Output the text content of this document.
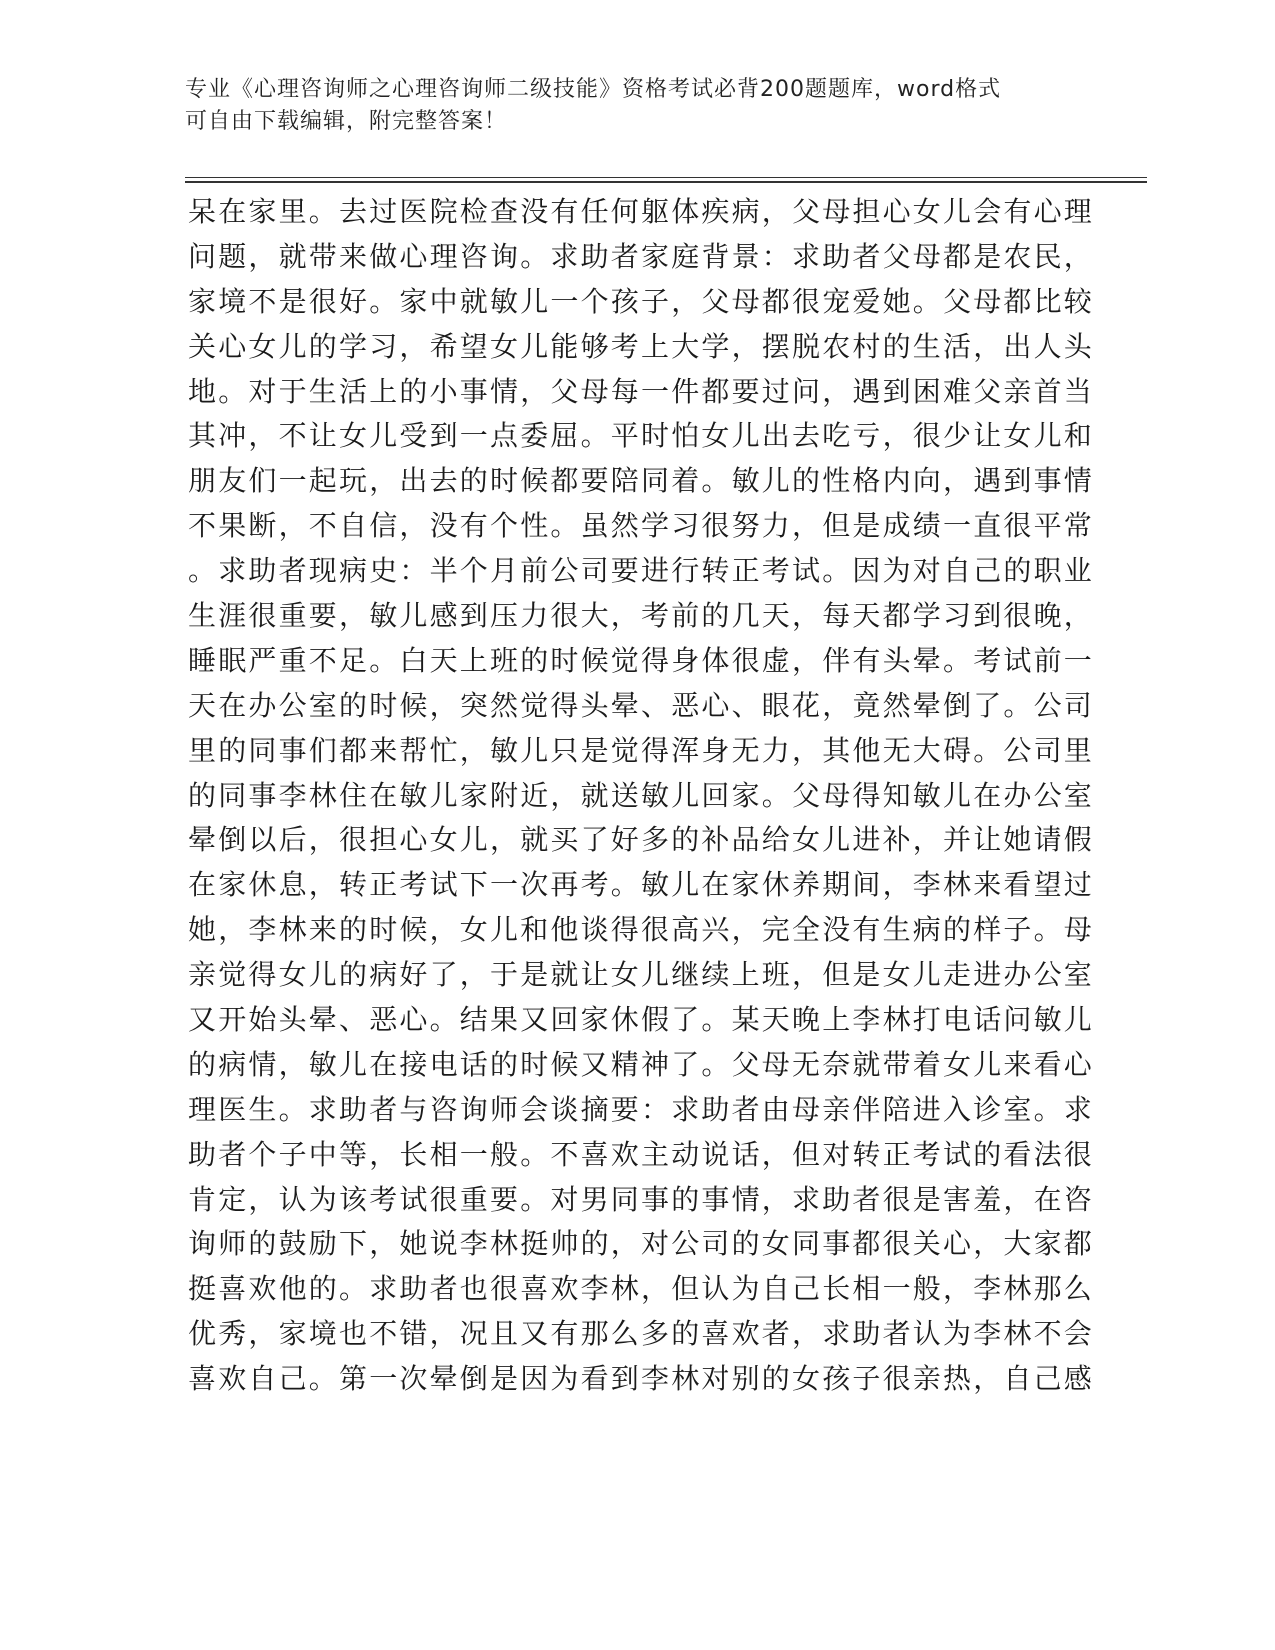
专业《心理咨询师之心理咨询师二级技能》资格考试必背200题题库，word格式
可自由下载编辑，附完整答案！
呆在家里。去过医院检查没有任何躯体疾病，父母担心女儿会有心理
问题，就带来做心理咨询。求助者家庭背景：求助者父母都是农民，
家境不是很好。家中就敏儿一个孩子，父母都很宠爱她。父母都比较
关心女儿的学习，希望女儿能够考上大学，摆脱农村的生活，出人头
地。对于生活上的小事情，父母每一件都要过问，遇到困难父亲首当
其冲，不让女儿受到一点委屈。平时怕女儿出去吃亏，很少让女儿和
朋友们一起玩，出去的时候都要陪同着。敏儿的性格内向，遇到事情
不果断，不自信，没有个性。虽然学习很努力，但是成绩一直很平常
。求助者现病史：半个月前公司要进行转正考试。因为对自己的职业
生涯很重要，敏儿感到压力很大，考前的几天，每天都学习到很晚，
睡眠严重不足。白天上班的时候觉得身体很虚，伴有头晕。考试前一
天在办公室的时候，突然觉得头晕、恶心、眼花，竟然晕倒了。公司
里的同事们都来帮忙，敏儿只是觉得浑身无力，其他无大碍。公司里
的同事李林住在敏儿家附近，就送敏儿回家。父母得知敏儿在办公室
晕倒以后，很担心女儿，就买了好多的补品给女儿进补，并让她请假
在家休息，转正考试下一次再考。敏儿在家休养期间，李林来看望过
她，李林来的时候，女儿和他谈得很高兴，完全没有生病的样子。母
亲觉得女儿的病好了，于是就让女儿继续上班，但是女儿走进办公室
又开始头晕、恶心。结果又回家休假了。某天晚上李林打电话问敏儿
的病情，敏儿在接电话的时候又精神了。父母无奈就带着女儿来看心
理医生。求助者与咨询师会谈摘要：求助者由母亲伴陪进入诊室。求
助者个子中等，长相一般。不喜欢主动说话，但对转正考试的看法很
肯定，认为该考试很重要。对男同事的事情，求助者很是害羞，在咨
询师的鼓励下，她说李林挺帅的，对公司的女同事都很关心，大家都
挺喜欢他的。求助者也很喜欢李林，但认为自己长相一般，李林那么
优秀，家境也不错，况且又有那么多的喜欢者，求助者认为李林不会
喜欢自己。第一次晕倒是因为看到李林对别的女孩子很亲热，自己感
